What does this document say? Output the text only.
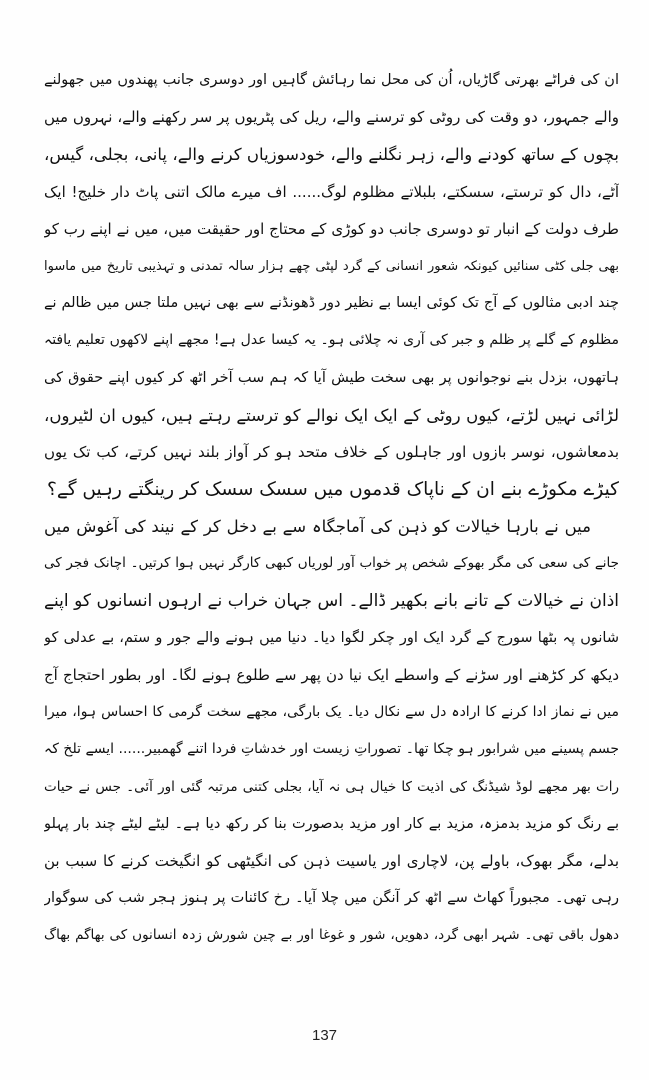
ان کی فراٹے بھرتی گاڑیاں، اُن کی محل نما رہائش گاہیں اور دوسری جانب پھندوں میں جھولنے
والے جمہور، دو وقت کی روٹی کو ترسنے والے، ریل کی پٹریوں پر سر رکھنے والے، نہروں میں
بچوں کے ساتھ کودنے والے، زہر نگلنے والے، خودسوزیاں کرنے والے، پانی، بجلی، گیس،
آٹے، دال کو ترستے، سسکتے، بلبلاتے مظلوم لوگ...... اف میرے مالک اتنی پاٹ دار خلیج! ایک
طرف دولت کے انبار تو دوسری جانب دو کوڑی کے محتاج اور حقیقت میں، میں نے اپنے رب کو
بھی جلی کٹی سنائیں کیونکہ شعور انسانی کے گرد لپٹی چھے ہزار سالہ تمدنی و تہذیبی تاریخ میں ماسوا
چند ادبی مثالوں کے آج تک کوئی ایسا بے نظیر دور ڈھونڈنے سے بھی نہیں ملتا جس میں ظالم نے
مظلوم کے گلے پر ظلم و جبر کی آری نہ چلائی ہو۔ یہ کیسا عدل ہے! مجھے اپنے لاکھوں تعلیم یافتہ
ہاتھوں، بزدل بنے نوجوانوں پر بھی سخت طیش آیا کہ ہم سب آخر اٹھ کر کیوں اپنے حقوق کی
لڑائی نہیں لڑتے، کیوں روٹی کے ایک ایک نوالے کو ترستے رہتے ہیں، کیوں ان لٹیروں،
بدمعاشوں، نوسر بازوں اور جاہلوں کے خلاف متحد ہو کر آواز بلند نہیں کرتے، کب تک یوں
کیڑے مکوڑے بنے ان کے ناپاک قدموں میں سسک سسک کر رینگتے رہیں گے؟
میں نے بارہا خیالات کو ذہن کی آماجگاہ سے بے دخل کر کے نیند کی آغوش میں
جانے کی سعی کی مگر بھوکے شخص پر خواب آور لوریاں کبھی کارگر نہیں ہوا کرتیں۔ اچانک فجر کی
اذان نے خیالات کے تانے بانے بکھیر ڈالے۔ اس جہان خراب نے ارہوں انسانوں کو اپنے
شانوں پہ بٹھا سورج کے گرد ایک اور چکر لگوا دیا۔ دنیا میں ہونے والے جور و ستم، بے عدلی کو
دیکھ کر کڑھنے اور سڑنے کے واسطے ایک نیا دن پھر سے طلوع ہونے لگا۔ اور بطور احتجاج آج
میں نے نماز ادا کرنے کا ارادہ دل سے نکال دیا۔ یک بارگی، مجھے سخت گرمی کا احساس ہوا، میرا
جسم پسینے میں شرابور ہو چکا تھا۔ تصوراتِ زیست اور خدشاتِ فردا اتنے گھمبیر...... ایسے تلخ کہ
رات بھر مجھے لوڈ شیڈنگ کی اذیت کا خیال ہی نہ آیا، بجلی کتنی مرتبہ گئی اور آئی۔ جس نے حیات
بے رنگ کو مزید بدمزہ، مزید بے کار اور مزید بدصورت بنا کر رکھ دیا ہے۔ لیٹے لیٹے چند بار پہلو
بدلے، مگر بھوک، باولے پن، لاچاری اور یاسیت ذہن کی انگیٹھی کو انگیخت کرنے کا سبب بن
رہی تھی۔ مجبوراً کھاٹ سے اٹھ کر آنگن میں چلا آیا۔ رخ کائنات پر ہنوز ہجر شب کی سوگوار
دھول باقی تھی۔ شہر ابھی گرد، دھویں، شور و غوغا اور بے چین شورش زدہ انسانوں کی بھاگم بھاگ
137
